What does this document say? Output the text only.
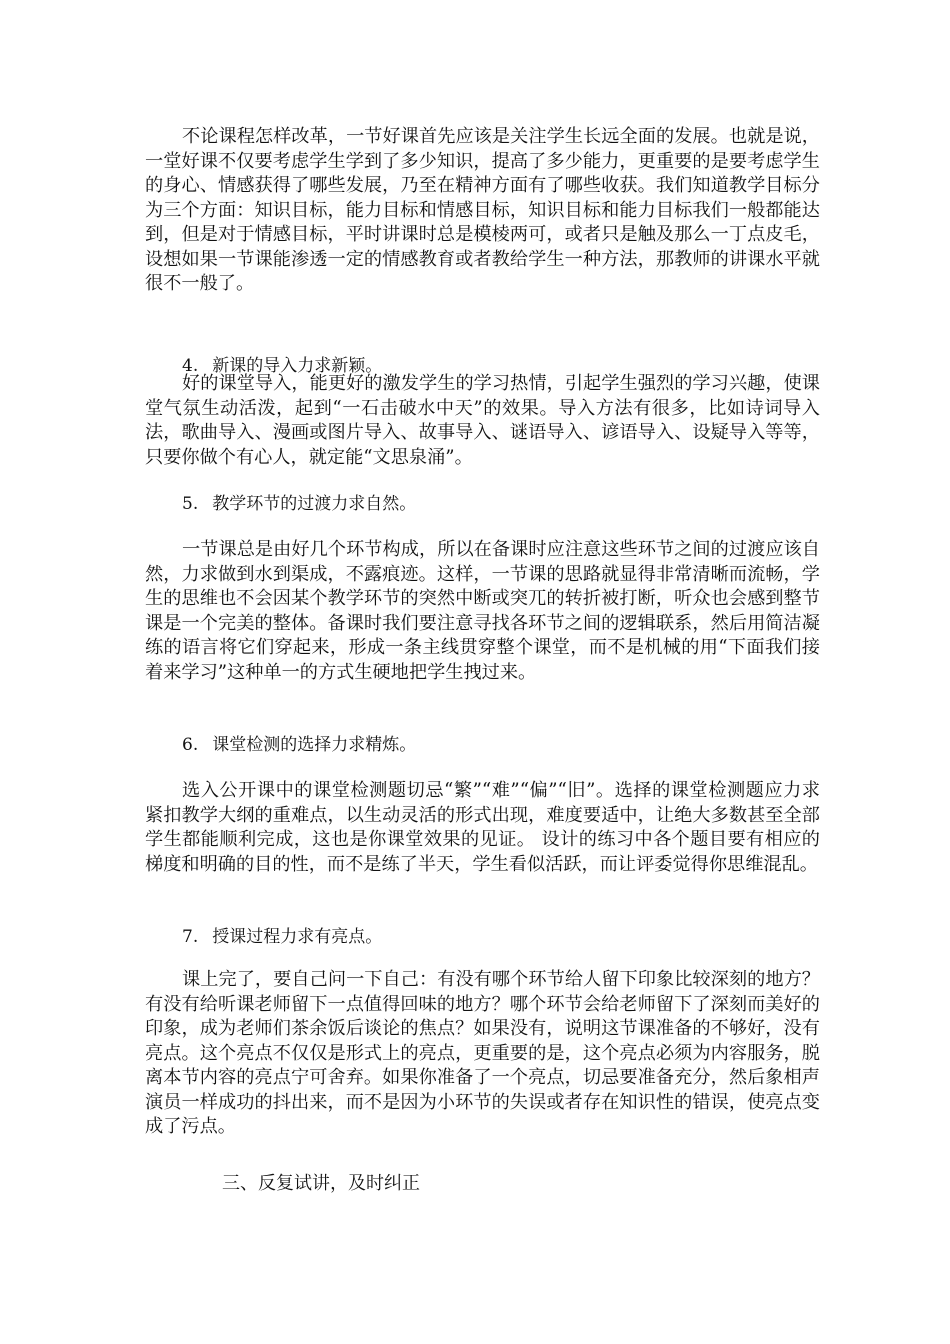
不论课程怎样改革，一节好课首先应该是关注学生长远全面的发展。也就是说，一堂好课不仅要考虑学生学到了多少知识，提高了多少能力，更重要的是要考虑学生的身心、情感获得了哪些发展，乃至在精神方面有了哪些收获。我们知道教学目标分为三个方面：知识目标，能力目标和情感目标，知识目标和能力目标我们一般都能达到，但是对于情感目标，平时讲课时总是模棱两可，或者只是触及那么一丁点皮毛，设想如果一节课能渗透一定的情感教育或者教给学生一种方法，那教师的讲课水平就很不一般了。

4. 新课的导入力求新颖。

好的课堂导入，能更好的激发学生的学习热情，引起学生强烈的学习兴趣，使课堂气氛生动活泼，起到“一石击破水中天”的效果。导入方法有很多，比如诗词导入法，歌曲导入、漫画或图片导入、故事导入、谜语导入、谚语导入、设疑导入等等，只要你做个有心人，就定能“文思泉涌”。

5. 教学环节的过渡力求自然。

一节课总是由好几个环节构成，所以在备课时应注意这些环节之间的过渡应该自然，力求做到水到渠成，不露痕迹。这样，一节课的思路就显得非常清晰而流畅，学生的思维也不会因某个教学环节的突然中断或突兀的转折被打断，听众也会感到整节课是一个完美的整体。备课时我们要注意寻找各环节之间的逻辑联系，然后用简洁凝练的语言将它们穿起来，形成一条主线贯穿整个课堂，而不是机械的用“下面我们接着来学习”这种单一的方式生硬地把学生拽过来。

6. 课堂检测的选择力求精炼。

选入公开课中的课堂检测题切忌“繁”“难”“偏”“旧”。选择的课堂检测题应力求紧扣教学大纲的重难点，以生动灵活的形式出现，难度要适中，让绝大多数甚至全部学生都能顺利完成，这也是你课堂效果的见证。 设计的练习中各个题目要有相应的梯度和明确的目的性，而不是练了半天，学生看似活跃，而让评委觉得你思维混乱。

7. 授课过程力求有亮点。

课上完了，要自己问一下自己：有没有哪个环节给人留下印象比较深刻的地方？有没有给听课老师留下一点值得回味的地方？哪个环节会给老师留下了深刻而美好的印象，成为老师们茶余饭后谈论的焦点？如果没有，说明这节课准备的不够好，没有亮点。这个亮点不仅仅是形式上的亮点，更重要的是，这个亮点必须为内容服务，脱离本节内容的亮点宁可舍弃。如果你准备了一个亮点，切忌要准备充分，然后象相声演员一样成功的抖出来，而不是因为小环节的失误或者存在知识性的错误，使亮点变成了污点。

三、反复试讲，及时纠正
